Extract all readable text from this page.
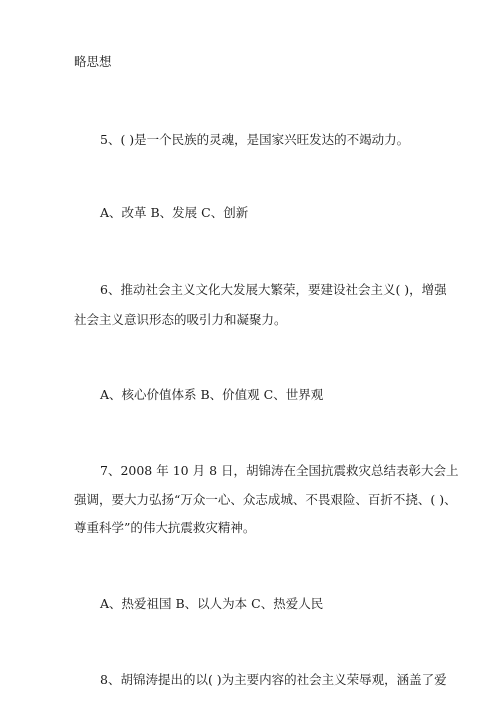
略思想
5、( )是一个民族的灵魂，是国家兴旺发达的不竭动力。
A、改革 B、发展 C、创新
6、推动社会主义文化大发展大繁荣，要建设社会主义( )，增强
社会主义意识形态的吸引力和凝聚力。
A、核心价值体系 B、价值观 C、世界观
7、2008 年 10 月 8 日，胡锦涛在全国抗震救灾总结表彰大会上
强调，要大力弘扬“万众一心、众志成城、不畏艰险、百折不挠、( )、
尊重科学”的伟大抗震救灾精神。
A、热爱祖国 B、以人为本 C、热爱人民
8、胡锦涛提出的以( )为主要内容的社会主义荣辱观，涵盖了爱
